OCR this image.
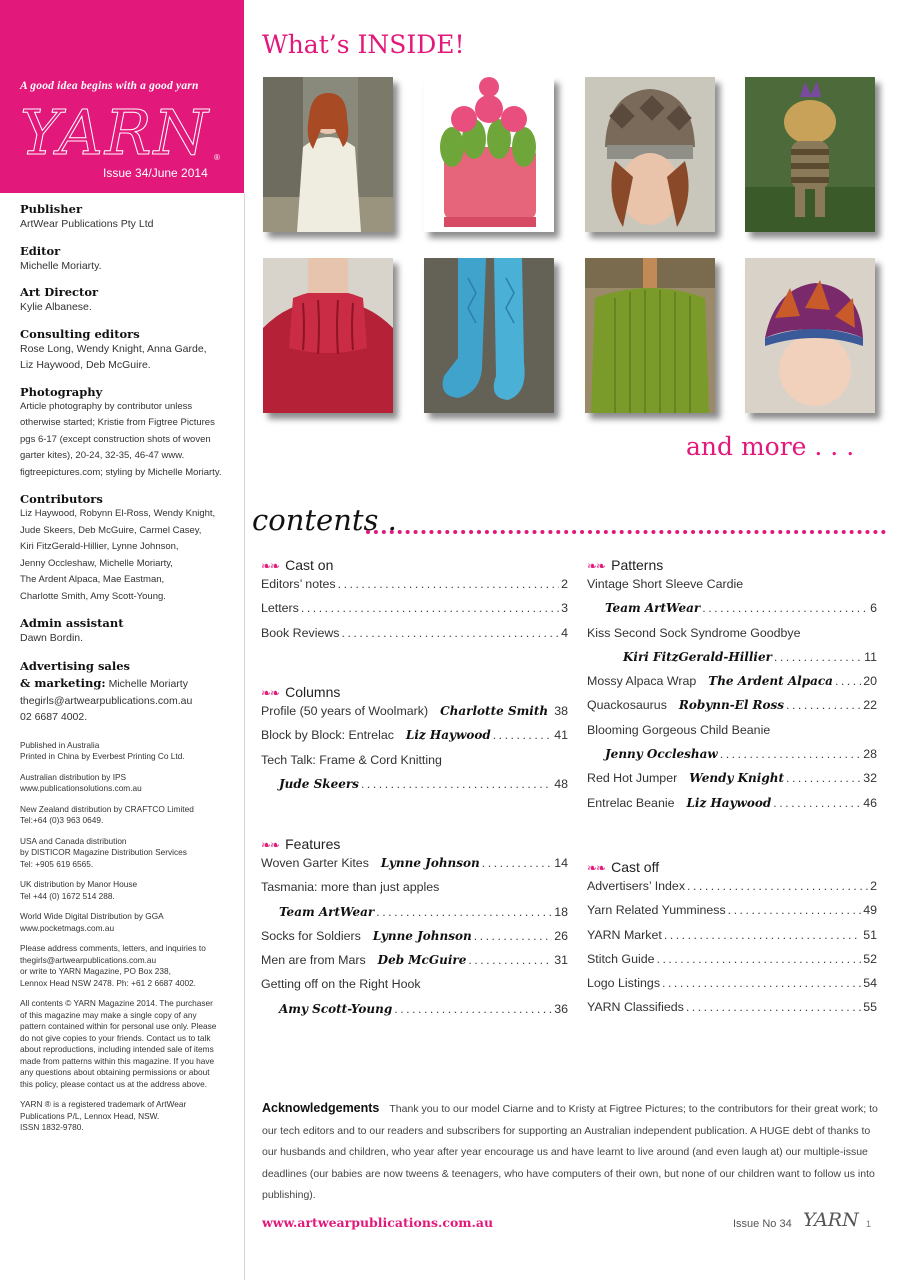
A good idea begins with a good yarn
YARN ®
Issue 34/June 2014
Publisher
ArtWear Publications Pty Ltd
Editor
Michelle Moriarty.
Art Director
Kylie Albanese.
Consulting editors
Rose Long, Wendy Knight, Anna Garde,
Liz Haywood, Deb McGuire.
Photography
Article photography by contributor unless
otherwise started; Kristie from Figtree Pictures
pgs 6-17 (except construction shots of woven
garter kites), 20-24, 32-35, 46-47 www.
figtreepictures.com; styling by Michelle Moriarty.
Contributors
Liz Haywood, Robynn El-Ross, Wendy Knight,
Jude Skeers, Deb McGuire, Carmel Casey,
Kiri FitzGerald-Hillier, Lynne Johnson,
Jenny Occleshaw, Michelle Moriarty,
The Ardent Alpaca, Mae Eastman,
Charlotte Smith, Amy Scott-Young.
Admin assistant
Dawn Bordin.
Advertising sales
& marketing: Michelle Moriarty
thegirls@artwearpublications.com.au
02 6687 4002.

Published in Australia
Printed in China by Everbest Printing Co Ltd.

Australian distribution by IPS
www.publicationsolutions.com.au

New Zealand distribution by CRAFTCO Limited
Tel:+64 (0)3 963 0649.

USA and Canada distribution
by DISTICOR Magazine Distribution Services
Tel: +905 619 6565.

UK distribution by Manor House
Tel +44 (0) 1672 514 288.

World Wide Digital Distribution by GGA
www.pocketmags.com.au

Please address comments, letters, and inquiries to
thegirls@artwearpublications.com.au
or write to YARN Magazine, PO Box 238,
Lennox Head NSW 2478. Ph: +61 2 6687 4002.

All contents © YARN Magazine 2014. The purchaser
of this magazine may make a single copy of any
pattern contained within for personal use only. Please
do not give copies to your friends. Contact us to talk
about reproductions, including intended sale of items
made from patterns within this magazine. If you have
any questions about obtaining permissions or about
this policy, please contact us at the address above.

YARN ® is a registered trademark of ArtWear
Publications P/L, Lennox Head, NSW.
ISSN 1832-9780.

What’s INSIDE!
and more . . .
contents .
❧❧ Cast on
Editors’ notes .....	2
Letters .....	3
Book Reviews .....	4
❧❧ Columns
Profile (50 years of Woolmark) Charlotte Smith 38
Block by Block: Entrelac Liz Haywood .....	41
Tech Talk: Frame & Cord Knitting
Jude Skeers .....	48
❧❧ Features
Woven Garter Kites Lynne Johnson .....	14
Tasmania: more than just apples
Team ArtWear .....	18
Socks for Soldiers Lynne Johnson .....	26
Men are from Mars Deb McGuire .....	31
Getting off on the Right Hook
Amy Scott-Young .....	36
❧❧ Patterns
Vintage Short Sleeve Cardie
Team ArtWear .....	6
Kiss Second Sock Syndrome Goodbye
Kiri FitzGerald-Hillier .....	11
Mossy Alpaca Wrap The Ardent Alpaca ..... 20
Quackosaurus Robynn-El Ross .....	22
Blooming Gorgeous Child Beanie
Jenny Occleshaw .....	28
Red Hot Jumper Wendy Knight .....	32
Entrelac Beanie Liz Haywood .....	46
❧❧ Cast off
Advertisers’ Index .....	2
Yarn Related Yumminess .....	49
YARN Market .....	51
Stitch Guide .....	52
Logo Listings .....	54
YARN Classifieds .....	55
Acknowledgements Thank you to our model Ciarne and to Kristy at Figtree Pictures; to the contributors for their great work; to our tech editors and to our readers and subscribers for supporting an Australian independent publication. A HUGE debt of thanks to our husbands and children, who year after year encourage us and have learnt to live around (and even laugh at) our multiple-issue deadlines (our babies are now tweens & teenagers, who have computers of their own, but none of our children want to follow us into publishing).
www.artwearpublications.com.au	Issue No 34 YARN 1
